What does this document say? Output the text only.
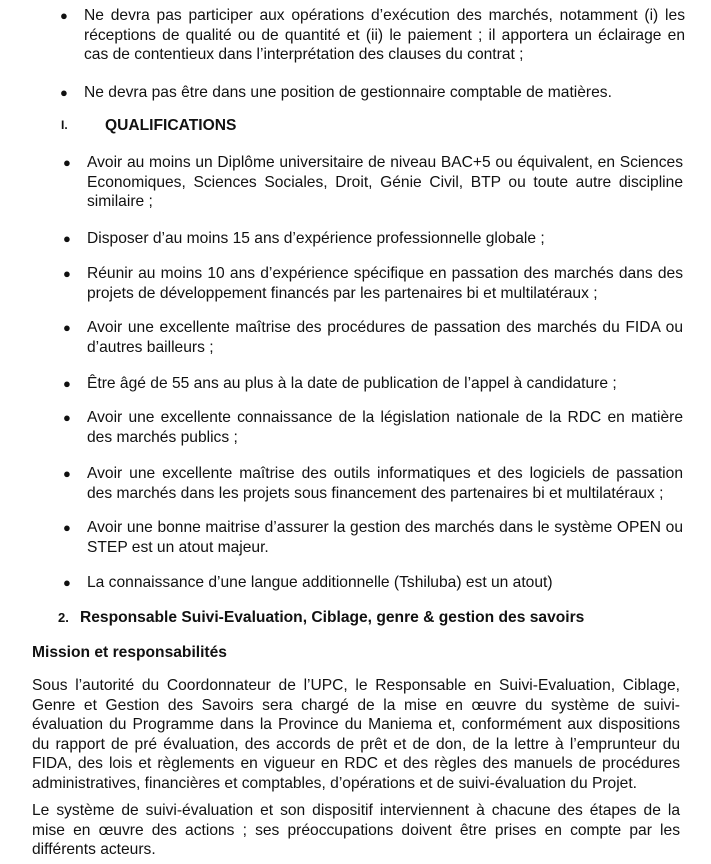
● Ne devra pas participer aux opérations d’exécution des marchés, notamment (i) les réceptions de qualité ou de quantité et (ii) le paiement ; il apportera un éclairage en cas de contentieux dans l’interprétation des clauses du contrat ;
● Ne devra pas être dans une position de gestionnaire comptable de matières.
I. QUALIFICATIONS
● Avoir au moins un Diplôme universitaire de niveau BAC+5 ou équivalent, en Sciences Economiques, Sciences Sociales, Droit, Génie Civil, BTP ou toute autre discipline similaire ;
● Disposer d’au moins 15 ans d’expérience professionnelle globale ;
● Réunir au moins 10 ans d’expérience spécifique en passation des marchés dans des projets de développement financés par les partenaires bi et multilatéraux ;
● Avoir une excellente maîtrise des procédures de passation des marchés du FIDA ou d’autres bailleurs ;
● Être âgé de 55 ans au plus à la date de publication de l’appel à candidature ;
● Avoir une excellente connaissance de la législation nationale de la RDC en matière des marchés publics ;
● Avoir une excellente maîtrise des outils informatiques et des logiciels de passation des marchés dans les projets sous financement des partenaires bi et multilatéraux ;
● Avoir une bonne maitrise d’assurer la gestion des marchés dans le système OPEN ou STEP est un atout majeur.
● La connaissance d’une langue additionnelle (Tshiluba) est un atout)
2. Responsable Suivi-Evaluation, Ciblage, genre & gestion des savoirs
Mission et responsabilités
Sous l’autorité du Coordonnateur de l’UPC, le Responsable en Suivi-Evaluation, Ciblage, Genre et Gestion des Savoirs sera chargé de la mise en œuvre du système de suivi-évaluation du Programme dans la Province du Maniema et, conformément aux dispositions du rapport de pré évaluation, des accords de prêt et de don, de la lettre à l’emprunteur du FIDA, des lois et règlements en vigueur en RDC et des règles des manuels de procédures administratives, financières et comptables, d’opérations et de suivi-évaluation du Projet.
Le système de suivi-évaluation et son dispositif interviennent à chacune des étapes de la mise en œuvre des actions ; ses préoccupations doivent être prises en compte par les différents acteurs.
